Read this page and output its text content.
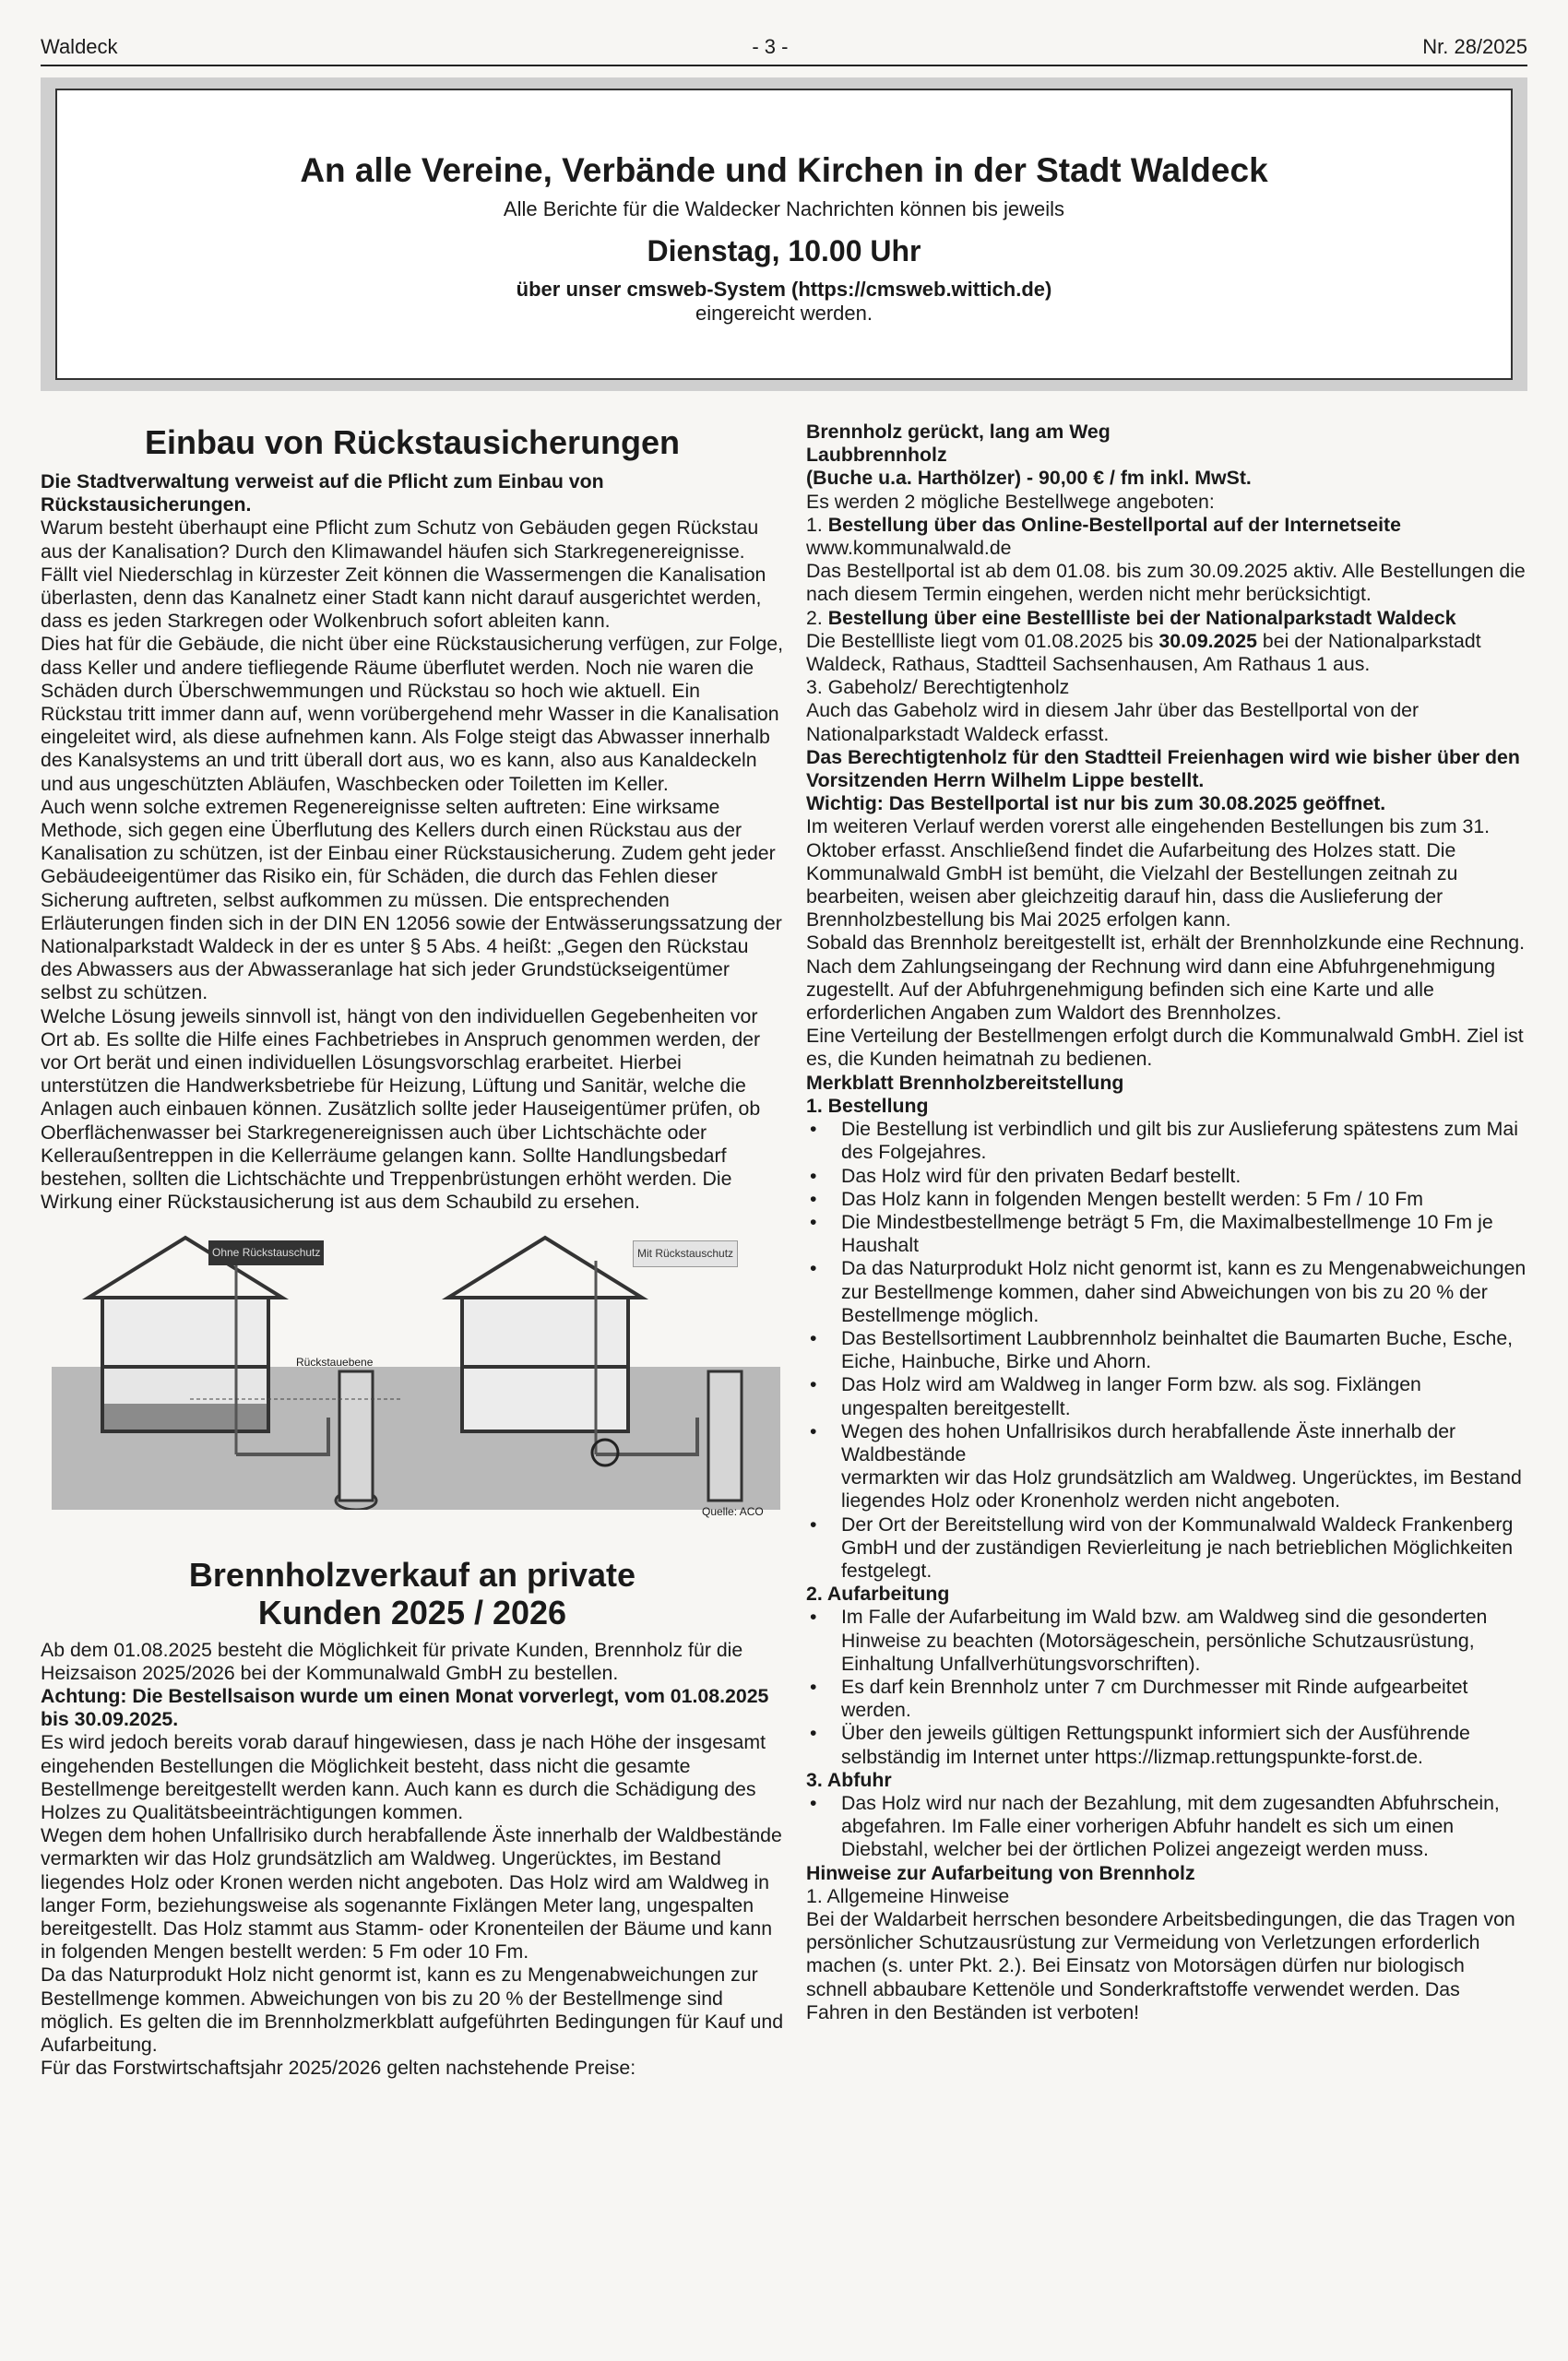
Waldeck	- 3 -	Nr. 28/2025
An alle Vereine, Verbände und Kirchen in der Stadt Waldeck
Alle Berichte für die Waldecker Nachrichten können bis jeweils
Dienstag, 10.00 Uhr
über unser cmsweb-System (https://cmsweb.wittich.de)
eingereicht werden.
Einbau von Rückstausicherungen

Die Stadtverwaltung verweist auf die Pflicht zum Einbau von Rückstausicherungen.

Warum besteht überhaupt eine Pflicht zum Schutz von Gebäuden gegen Rückstau aus der Kanalisation? Durch den Klimawandel häufen sich Starkregenereignisse. Fällt viel Niederschlag in kürzester Zeit können die Wassermengen die Kanalisation überlasten, denn das Kanalnetz einer Stadt kann nicht darauf ausgerichtet werden, dass es jeden Starkregen oder Wolkenbruch sofort ableiten kann.

Dies hat für die Gebäude, die nicht über eine Rückstausicherung verfügen, zur Folge, dass Keller und andere tiefliegende Räume überflutet werden. Noch nie waren die Schäden durch Überschwemmungen und Rückstau so hoch wie aktuell. Ein Rückstau tritt immer dann auf, wenn vorübergehend mehr Wasser in die Kanalisation eingeleitet wird, als diese aufnehmen kann. Als Folge steigt das Abwasser innerhalb des Kanalsystems an und tritt überall dort aus, wo es kann, also aus Kanaldeckeln und aus ungeschützten Abläufen, Waschbecken oder Toiletten im Keller.

Auch wenn solche extremen Regenereignisse selten auftreten: Eine wirksame Methode, sich gegen eine Überflutung des Kellers durch einen Rückstau aus der Kanalisation zu schützen, ist der Einbau einer Rückstausicherung. Zudem geht jeder Gebäudeeigentümer das Risiko ein, für Schäden, die durch das Fehlen dieser Sicherung auftreten, selbst aufkommen zu müssen. Die entsprechenden Erläuterungen finden sich in der DIN EN 12056 sowie der Entwässerungssatzung der Nationalparkstadt Waldeck in der es unter § 5 Abs. 4 heißt: „Gegen den Rückstau des Abwassers aus der Abwasseranlage hat sich jeder Grundstückseigentümer selbst zu schützen.

Welche Lösung jeweils sinnvoll ist, hängt von den individuellen Gegebenheiten vor Ort ab. Es sollte die Hilfe eines Fachbetriebes in Anspruch genommen werden, der vor Ort berät und einen individuellen Lösungsvorschlag erarbeitet. Hierbei unterstützen die Handwerksbetriebe für Heizung, Lüftung und Sanitär, welche die Anlagen auch einbauen können. Zusätzlich sollte jeder Hauseigentümer prüfen, ob Oberflächenwasser bei Starkregenereignissen auch über Lichtschächte oder Kelleraußentreppen in die Kellerräume gelangen kann. Sollte Handlungsbedarf bestehen, sollten die Lichtschächte und Treppenbrüstungen erhöht werden. Die Wirkung einer Rückstausicherung ist aus dem Schaubild zu ersehen.

Ohne Rückstauschutz	Mit Rückstauschutz
Rückstauebene
Quelle: ACO
Brennholzverkauf an private
Kunden 2025 / 2026

Ab dem 01.08.2025 besteht die Möglichkeit für private Kunden, Brennholz für die Heizsaison 2025/2026 bei der Kommunalwald GmbH zu bestellen.

Achtung: Die Bestellsaison wurde um einen Monat vorverlegt, vom 01.08.2025 bis 30.09.2025.

Es wird jedoch bereits vorab darauf hingewiesen, dass je nach Höhe der insgesamt eingehenden Bestellungen die Möglichkeit besteht, dass nicht die gesamte Bestellmenge bereitgestellt werden kann. Auch kann es durch die Schädigung des Holzes zu Qualitätsbeeinträchtigungen kommen.

Wegen dem hohen Unfallrisiko durch herabfallende Äste innerhalb der Waldbestände vermarkten wir das Holz grundsätzlich am Waldweg. Ungerücktes, im Bestand liegendes Holz oder Kronen werden nicht angeboten. Das Holz wird am Waldweg in langer Form, beziehungsweise als sogenannte Fixlängen Meter lang, ungespalten bereitgestellt. Das Holz stammt aus Stamm- oder Kronenteilen der Bäume und kann in folgenden Mengen bestellt werden: 5 Fm oder 10 Fm.

Da das Naturprodukt Holz nicht genormt ist, kann es zu Mengenabweichungen zur Bestellmenge kommen. Abweichungen von bis zu 20 % der Bestellmenge sind möglich. Es gelten die im Brennholzmerkblatt aufgeführten Bedingungen für Kauf und Aufarbeitung.

Für das Forstwirtschaftsjahr 2025/2026 gelten nachstehende Preise:

Brennholz gerückt, lang am Weg

Laubbrennholz

(Buche u.a. Harthölzer) - 90,00 € / fm inkl. MwSt.

Es werden 2 mögliche Bestellwege angeboten:

1. Bestellung über das Online-Bestellportal auf der Internetseite

www.kommunalwald.de

Das Bestellportal ist ab dem 01.08. bis zum 30.09.2025 aktiv. Alle Bestellungen die nach diesem Termin eingehen, werden nicht mehr berücksichtigt.

2. Bestellung über eine Bestellliste bei der Nationalparkstadt Waldeck

Die Bestellliste liegt vom 01.08.2025 bis 30.09.2025 bei der Nationalparkstadt Waldeck, Rathaus, Stadtteil Sachsenhausen, Am Rathaus 1 aus.

3. Gabeholz/ Berechtigtenholz

Auch das Gabeholz wird in diesem Jahr über das Bestellportal von der Nationalparkstadt Waldeck erfasst.

Das Berechtigtenholz für den Stadtteil Freienhagen wird wie bisher über den Vorsitzenden Herrn Wilhelm Lippe bestellt.

Wichtig: Das Bestellportal ist nur bis zum 30.08.2025 geöffnet.

Im weiteren Verlauf werden vorerst alle eingehenden Bestellungen bis zum 31. Oktober erfasst. Anschließend findet die Aufarbeitung des Holzes statt. Die Kommunalwald GmbH ist bemüht, die Vielzahl der Bestellungen zeitnah zu bearbeiten, weisen aber gleichzeitig darauf hin, dass die Auslieferung der Brennholzbestellung bis Mai 2025 erfolgen kann.

Sobald das Brennholz bereitgestellt ist, erhält der Brennholzkunde eine Rechnung. Nach dem Zahlungseingang der Rechnung wird dann eine Abfuhrgenehmigung zugestellt. Auf der Abfuhrgenehmigung befinden sich eine Karte und alle erforderlichen Angaben zum Waldort des Brennholzes.

Eine Verteilung der Bestellmengen erfolgt durch die Kommunalwald GmbH. Ziel ist es, die Kunden heimatnah zu bedienen.

Merkblatt Brennholzbereitstellung

1. Bestellung

• Die Bestellung ist verbindlich und gilt bis zur Auslieferung spätestens zum Mai des Folgejahres.
• Das Holz wird für den privaten Bedarf bestellt.
• Das Holz kann in folgenden Mengen bestellt werden: 5 Fm / 10 Fm
• Die Mindestbestellmenge beträgt 5 Fm, die Maximalbestellmenge 10 Fm je Haushalt
• Da das Naturprodukt Holz nicht genormt ist, kann es zu Mengenabweichungen zur Bestellmenge kommen, daher sind Abweichungen von bis zu 20 % der Bestellmenge möglich.
• Das Bestellsortiment Laubbrennholz beinhaltet die Baumarten Buche, Esche, Eiche, Hainbuche, Birke und Ahorn.
• Das Holz wird am Waldweg in langer Form bzw. als sog. Fixlängen ungespalten bereitgestellt.
• Wegen des hohen Unfallrisikos durch herabfallende Äste innerhalb der Waldbestände

vermarkten wir das Holz grundsätzlich am Waldweg. Ungerücktes, im Bestand liegendes Holz oder Kronenholz werden nicht angeboten.

• Der Ort der Bereitstellung wird von der Kommunalwald Waldeck Frankenberg GmbH und der zuständigen Revierleitung je nach betrieblichen Möglichkeiten festgelegt.

2. Aufarbeitung

• Im Falle der Aufarbeitung im Wald bzw. am Waldweg sind die gesonderten Hinweise zu beachten (Motorsägeschein, persönliche Schutzausrüstung, Einhaltung Unfallverhütungsvorschriften).
• Es darf kein Brennholz unter 7 cm Durchmesser mit Rinde aufgearbeitet werden.
• Über den jeweils gültigen Rettungspunkt informiert sich der Ausführende selbständig im Internet unter https://lizmap.rettungspunkte-forst.de.

3. Abfuhr

• Das Holz wird nur nach der Bezahlung, mit dem zugesandten Abfuhrschein, abgefahren. Im Falle einer vorherigen Abfuhr handelt es sich um einen Diebstahl, welcher bei der örtlichen Polizei angezeigt werden muss.

Hinweise zur Aufarbeitung von Brennholz

1. Allgemeine Hinweise

Bei der Waldarbeit herrschen besondere Arbeitsbedingungen, die das Tragen von persönlicher Schutzausrüstung zur Vermeidung von Verletzungen erforderlich machen (s. unter Pkt. 2.). Bei Einsatz von Motorsägen dürfen nur biologisch schnell abbaubare Kettenöle und Sonderkraftstoffe verwendet werden. Das Fahren in den Beständen ist verboten!
